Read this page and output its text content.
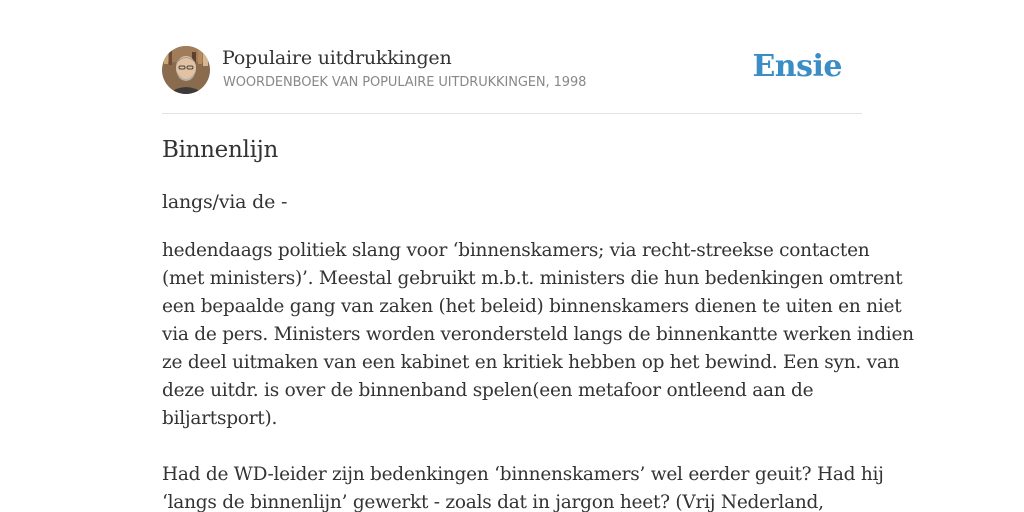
Populaire uitdrukkingen
WOORDENBOEK VAN POPULAIRE UITDRUKKINGEN, 1998	Ensie
Binnenlijn
langs/via de -
hedendaags politiek slang voor ‘binnenskamers; via recht-streekse contacten
(met ministers)’. Meestal gebruikt m.b.t. ministers die hun bedenkingen omtrent
een bepaalde gang van zaken (het beleid) binnenskamers dienen te uiten en niet
via de pers. Ministers worden verondersteld langs de binnenkantte werken indien
ze deel uitmaken van een kabinet en kritiek hebben op het bewind. Een syn. van
deze uitdr. is over de binnenband spelen(een metafoor ontleend aan de
biljartsport).
Had de WD-leider zijn bedenkingen ‘binnenskamers’ wel eerder geuit? Had hij
‘langs de binnenlijn’ gewerkt - zoals dat in jargon heet? (Vrij Nederland,
